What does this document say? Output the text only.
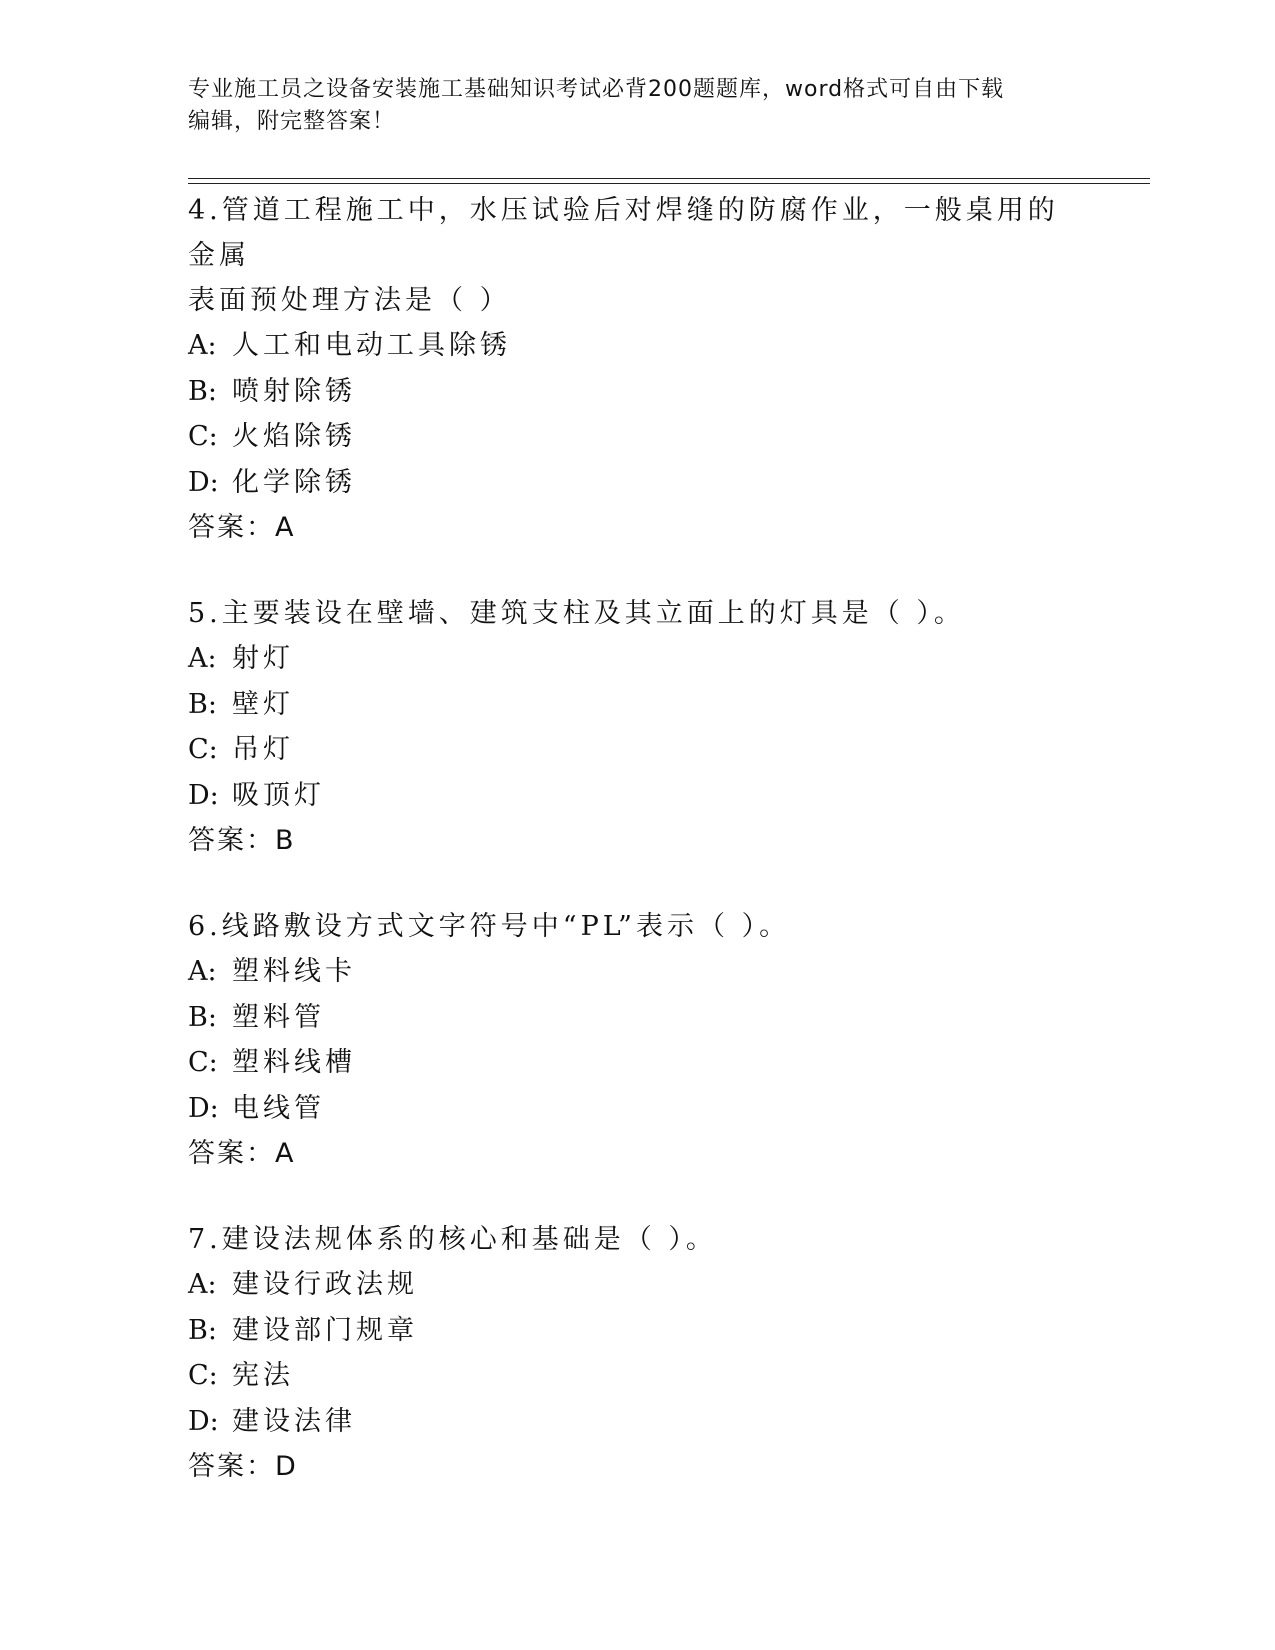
专业施工员之设备安装施工基础知识考试必背200题题库，word格式可自由下载
编辑，附完整答案！
4.管道工程施工中，水压试验后对焊缝的防腐作业，一般桌用的金属
表面预处理方法是（ ）
A: 人工和电动工具除锈
B: 喷射除锈
C: 火焰除锈
D: 化学除锈
答案：A
5.主要装设在壁墙、建筑支柱及其立面上的灯具是（ ）。
A: 射灯
B: 壁灯
C: 吊灯
D: 吸顶灯
答案：B
6.线路敷设方式文字符号中“PL”表示（ ）。
A: 塑料线卡
B: 塑料管
C: 塑料线槽
D: 电线管
答案：A
7.建设法规体系的核心和基础是（ ）。
A: 建设行政法规
B: 建设部门规章
C: 宪法
D: 建设法律
答案：D
